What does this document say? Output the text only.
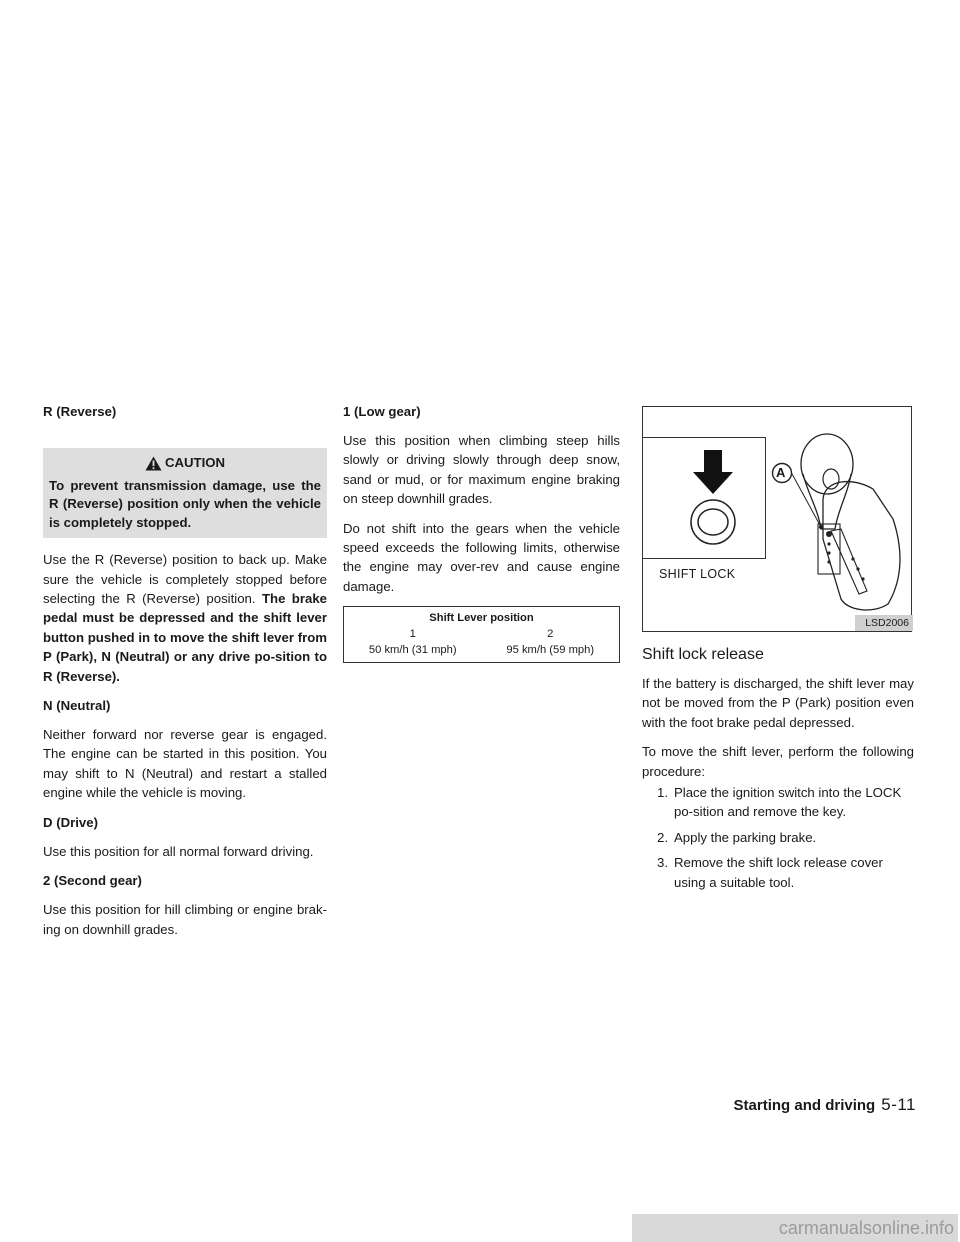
R (Reverse)
CAUTION
To prevent transmission damage, use the R (Reverse) position only when the vehicle is completely stopped.

Use the R (Reverse) position to back up. Make sure the vehicle is completely stopped before selecting the R (Reverse) position. The brake pedal must be depressed and the shift lever button pushed in to move the shift lever from P (Park), N (Neutral) or any drive po-sition to R (Reverse).

N (Neutral)

Neither forward nor reverse gear is engaged. The engine can be started in this position. You may shift to N (Neutral) and restart a stalled engine while the vehicle is moving.

D (Drive)

Use this position for all normal forward driving.

2 (Second gear)

Use this position for hill climbing or engine brak-ing on downhill grades.

1 (Low gear)

Use this position when climbing steep hills slowly or driving slowly through deep snow, sand or mud, or for maximum engine braking on steep downhill grades.

Do not shift into the gears when the vehicle speed exceeds the following limits, otherwise the engine may over-rev and cause engine damage.

Shift Lever position
1	2
50 km/h (31 mph)	95 km/h (59 mph)
SHIFT LOCK
A
LSD2006
Shift lock release

If the battery is discharged, the shift lever may not be moved from the P (Park) position even with the foot brake pedal depressed.

To move the shift lever, perform the following procedure:

1. Place the ignition switch into the LOCK po-sition and remove the key.
2. Apply the parking brake.
3. Remove the shift lock release cover using a suitable tool.
Starting and driving 5-11
carmanualsonline.info
